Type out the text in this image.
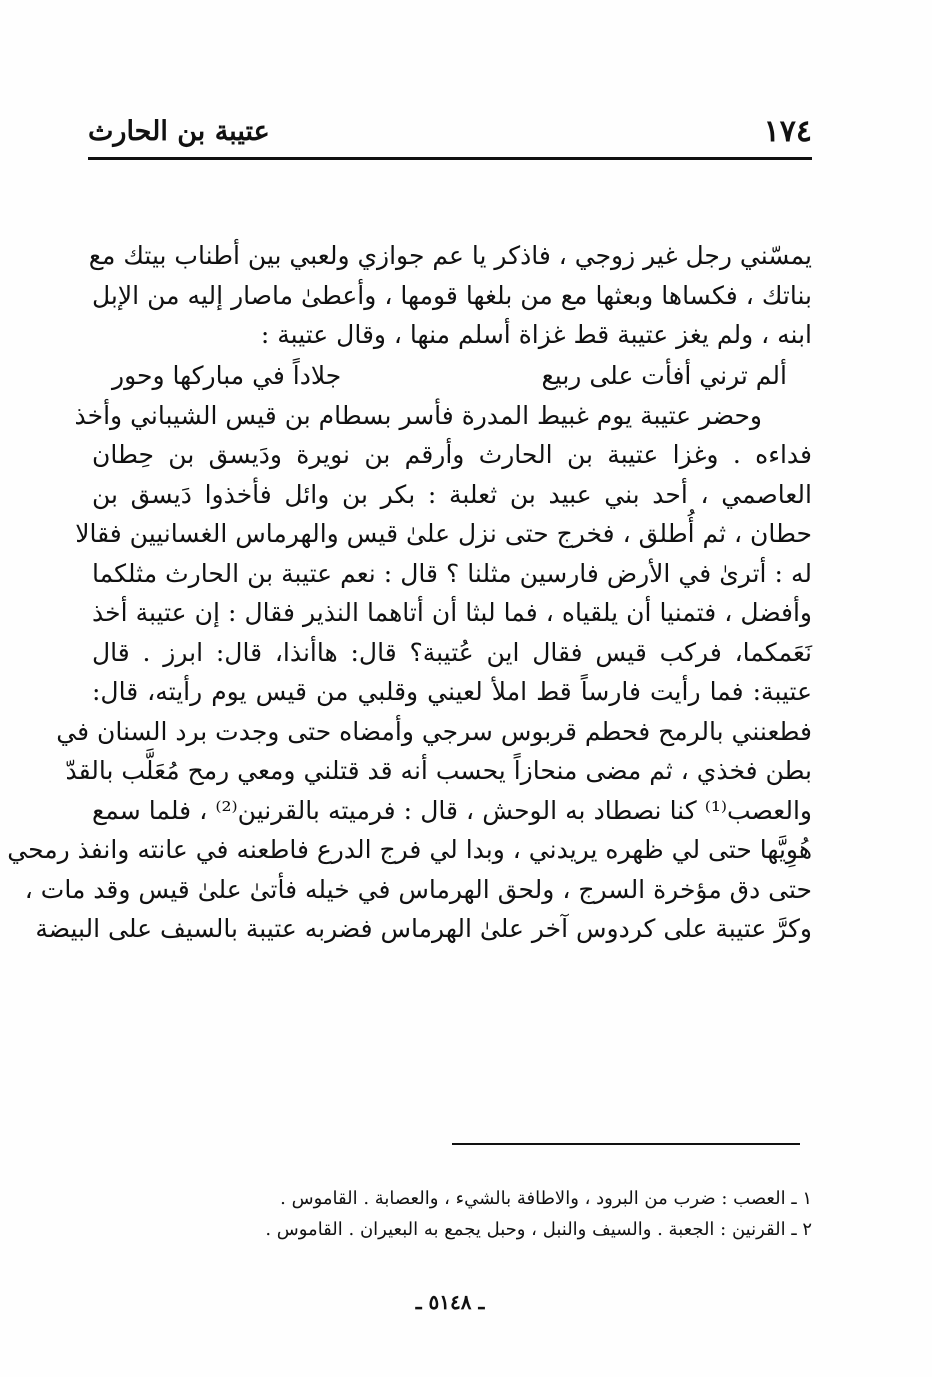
١٧٤
عتيبة بن الحارث
يمسّني رجل غير زوجي ، فاذكر يا عم جوازي ولعبي بين أطناب بيتك مع
بناتك ، فكساها وبعثها مع من بلغها قومها ، وأعطىٰ ماصار إليه من الإبل
ابنه ، ولم يغز عتيبة قط غزاة أسلم منها ، وقال عتيبة :
ألم ترني أفأت على ربيع
جلاداً في مباركها وحور
وحضر عتيبة يوم غبيط المدرة فأسر بسطام بن قيس الشيباني وأخذ
فداءه . وغزا عتيبة بن الحارث وأرقم بن نويرة ودَيسق بن حِطان
العاصمي ، أحد بني عبيد بن ثعلبة : بكر بن وائل فأخذوا دَيسق بن
حطان ، ثم أُطلق ، فخرج حتى نزل علىٰ قيس والهرماس الغسانيين فقالا
له : أترىٰ في الأرض فارسين مثلنا ؟ قال : نعم عتيبة بن الحارث مثلكما
وأفضل ، فتمنيا أن يلقياه ، فما لبثا أن أتاهما النذير فقال : إن عتيبة أخذ
نَعَمكما، فركب قيس فقال اين عُتيبة؟ قال: هاأنذا، قال: ابرز . قال
عتيبة: فما رأيت فارساً قط املأ لعيني وقلبي من قيس يوم رأيته، قال:
فطعنني بالرمح فحطم قربوس سرجي وأمضاه حتى وجدت برد السنان في
بطن فخذي ، ثم مضى منحازاً يحسب أنه قد قتلني ومعي رمح مُعَلَّب بالقدّ
والعصب⁽¹⁾ كنا نصطاد به الوحش ، قال : فرميته بالقرنين⁽²⁾ ، فلما سمع
هُوِيَّها حتى لي ظهره يريدني ، وبدا لي فرج الدرع فاطعنه في عانته وانفذ رمحي
حتى دق مؤخرة السرج ، ولحق الهرماس في خيله فأتىٰ علىٰ قيس وقد مات ،
وكرَّ عتيبة على كردوس آخر علىٰ الهرماس فضربه عتيبة بالسيف على البيضة
١ ـ العصب : ضرب من البرود ، والاطافة بالشيء ، والعصابة . القاموس .
٢ ـ القرنين : الجعبة . والسيف والنبل ، وحبل يجمع به البعيران . القاموس .
ـ ٥١٤٨ ـ
